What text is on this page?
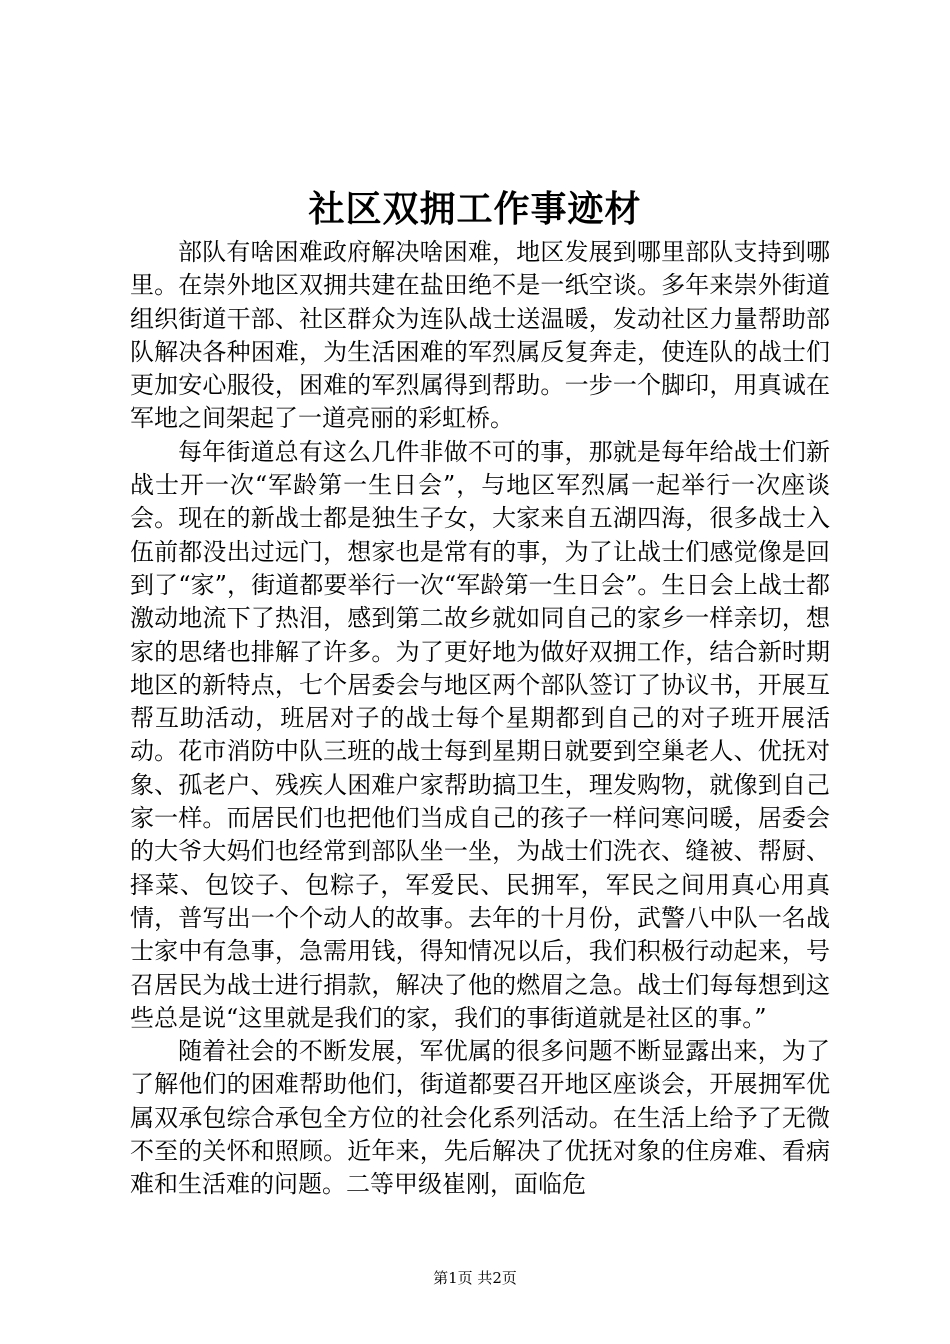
社区双拥工作事迹材

部队有啥困难政府解决啥困难，地区发展到哪里部队支持到哪里。在崇外地区双拥共建在盐田绝不是一纸空谈。多年来崇外街道组织街道干部、社区群众为连队战士送温暖，发动社区力量帮助部队解决各种困难，为生活困难的军烈属反复奔走，使连队的战士们更加安心服役，困难的军烈属得到帮助。一步一个脚印，用真诚在军地之间架起了一道亮丽的彩虹桥。

每年街道总有这么几件非做不可的事，那就是每年给战士们新战士开一次“军龄第一生日会”，与地区军烈属一起举行一次座谈会。现在的新战士都是独生子女，大家来自五湖四海，很多战士入伍前都没出过远门，想家也是常有的事，为了让战士们感觉像是回到了“家”，街道都要举行一次“军龄第一生日会”。生日会上战士都激动地流下了热泪，感到第二故乡就如同自己的家乡一样亲切，想家的思绪也排解了许多。为了更好地为做好双拥工作，结合新时期地区的新特点，七个居委会与地区两个部队签订了协议书，开展互帮互助活动，班居对子的战士每个星期都到自己的对子班开展活动。花市消防中队三班的战士每到星期日就要到空巢老人、优抚对象、孤老户、残疾人困难户家帮助搞卫生，理发购物，就像到自己家一样。而居民们也把他们当成自己的孩子一样问寒问暖，居委会的大爷大妈们也经常到部队坐一坐，为战士们洗衣、缝被、帮厨、择菜、包饺子、包粽子，军爱民、民拥军，军民之间用真心用真情，普写出一个个动人的故事。去年的十月份，武警八中队一名战士家中有急事，急需用钱，得知情况以后，我们积极行动起来，号召居民为战士进行捐款，解决了他的燃眉之急。战士们每每想到这些总是说“这里就是我们的家，我们的事街道就是社区的事。”

随着社会的不断发展，军优属的很多问题不断显露出来，为了了解他们的困难帮助他们，街道都要召开地区座谈会，开展拥军优属双承包综合承包全方位的社会化系列活动。在生活上给予了无微不至的关怀和照顾。近年来，先后解决了优抚对象的住房难、看病难和生活难的问题。二等甲级崔刚，面临危

第1页 共2页
